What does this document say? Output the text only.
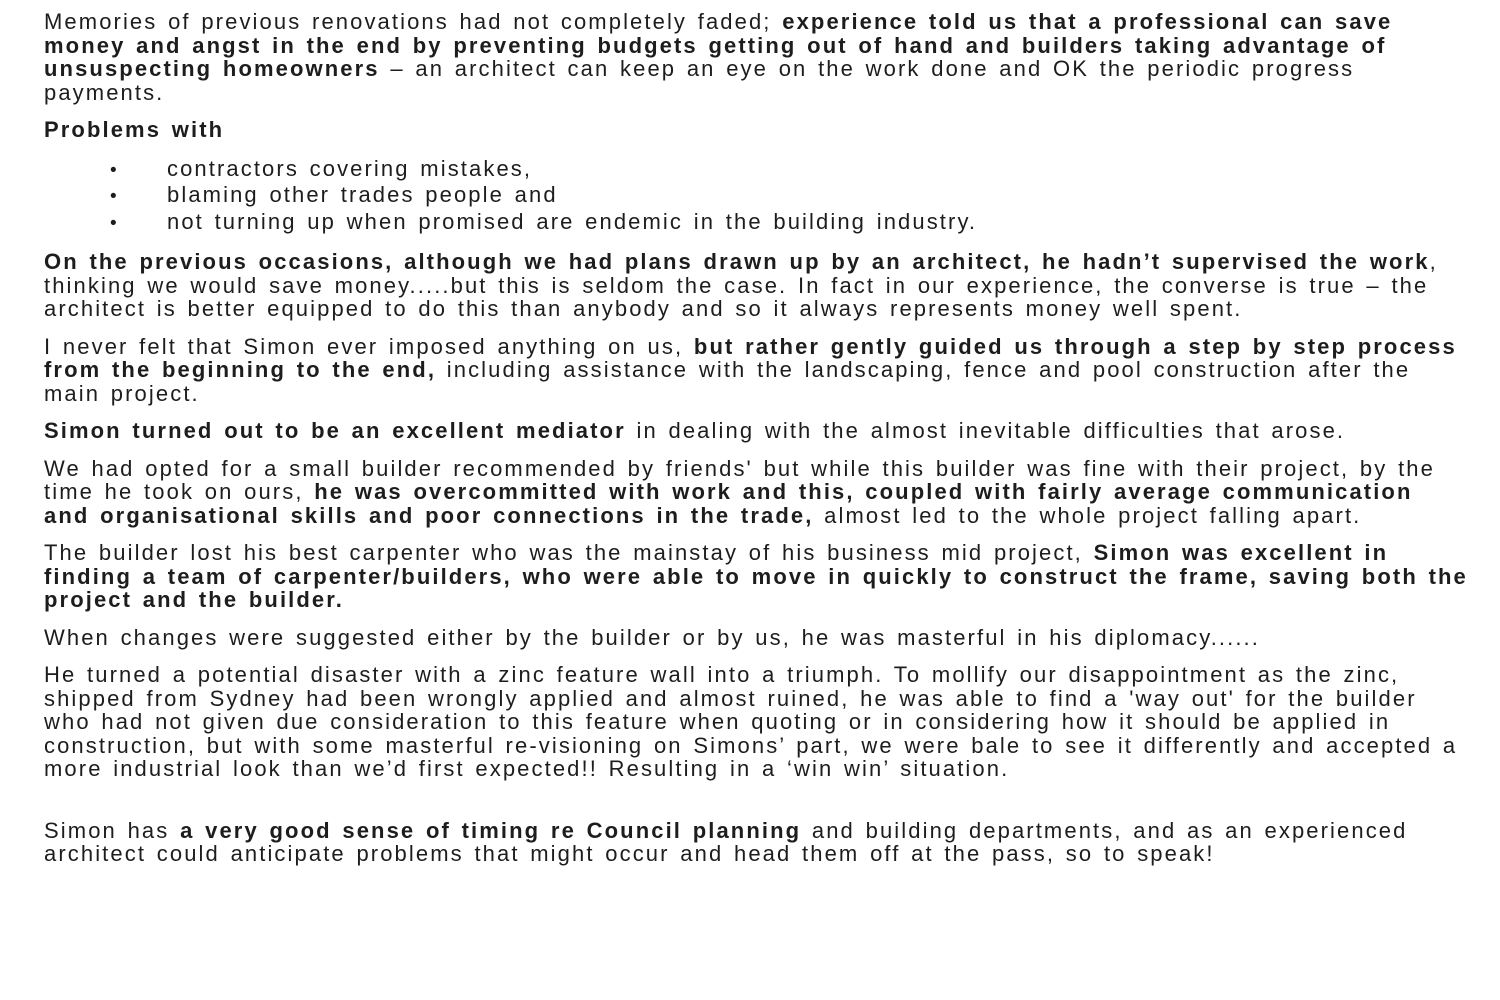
Memories of previous renovations had not completely faded; experience told us that a professional can save money and angst in the end by preventing budgets getting out of hand and builders taking advantage of unsuspecting homeowners – an architect can keep an eye on the work done and OK the periodic progress payments.

Problems with

•	contractors covering mistakes,
•	blaming other trades people and
•	not turning up when promised are endemic in the building industry.

On the previous occasions, although we had plans drawn up by an architect, he hadn’t supervised the work, thinking we would save money.....but this is seldom the case. In fact in our experience, the converse is true – the architect is better equipped to do this than anybody and so it always represents money well spent.

I never felt that Simon ever imposed anything on us, but rather gently guided us through a step by step process from the beginning to the end, including assistance with the landscaping, fence and pool construction after the main project.

Simon turned out to be an excellent mediator in dealing with the almost inevitable difficulties that arose.

We had opted for a small builder recommended by friends' but while this builder was fine with their project, by the time he took on ours, he was overcommitted with work and this, coupled with fairly average communication and organisational skills and poor connections in the trade, almost led to the whole project falling apart.

The builder lost his best carpenter who was the mainstay of his business mid project, Simon was excellent in finding a team of carpenter/builders, who were able to move in quickly to construct the frame, saving both the project and the builder.

When changes were suggested either by the builder or by us, he was masterful in his diplomacy......

He turned a potential disaster with a zinc feature wall into a triumph. To mollify our disappointment as the zinc, shipped from Sydney had been wrongly applied and almost ruined, he was able to find a 'way out' for the builder who had not given due consideration to this feature when quoting or in considering how it should be applied in construction, but with some masterful re-visioning on Simons’ part, we were bale to see it differently and accepted a more industrial look than we’d first expected!! Resulting in a ‘win win’ situation.

Simon has a very good sense of timing re Council planning and building departments, and as an experienced architect could anticipate problems that might occur and head them off at the pass, so to speak!
